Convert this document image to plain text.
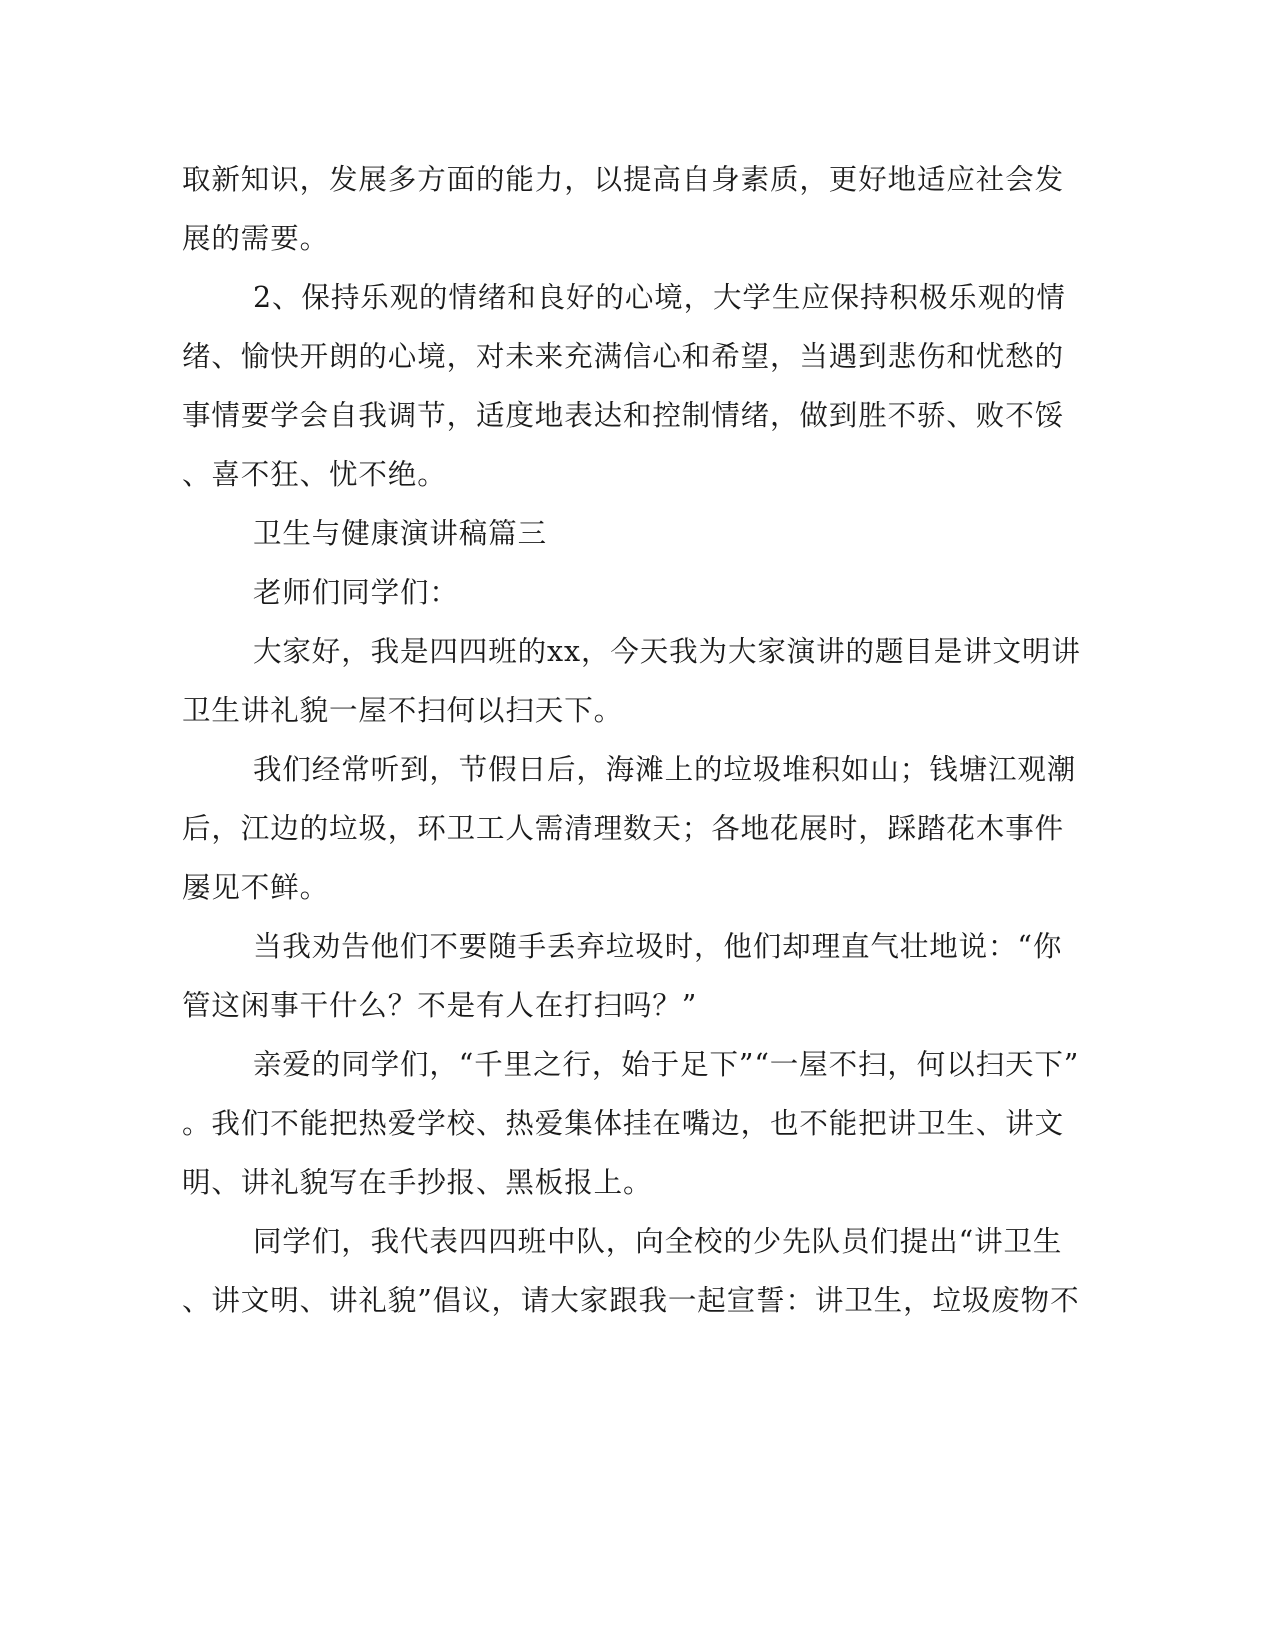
取新知识，发展多方面的能力，以提高自身素质，更好地适应社会发
展的需要。
2、保持乐观的情绪和良好的心境，大学生应保持积极乐观的情
绪、愉快开朗的心境，对未来充满信心和希望，当遇到悲伤和忧愁的
事情要学会自我调节，适度地表达和控制情绪，做到胜不骄、败不馁
、喜不狂、忧不绝。
卫生与健康演讲稿篇三
老师们同学们：
大家好，我是四四班的xx，今天我为大家演讲的题目是讲文明讲
卫生讲礼貌一屋不扫何以扫天下。
我们经常听到，节假日后，海滩上的垃圾堆积如山；钱塘江观潮
后，江边的垃圾，环卫工人需清理数天；各地花展时，踩踏花木事件
屡见不鲜。
当我劝告他们不要随手丢弃垃圾时，他们却理直气壮地说：“你
管这闲事干什么？不是有人在打扫吗？”
亲爱的同学们，“千里之行，始于足下”“一屋不扫，何以扫天下”
。我们不能把热爱学校、热爱集体挂在嘴边，也不能把讲卫生、讲文
明、讲礼貌写在手抄报、黑板报上。
同学们，我代表四四班中队，向全校的少先队员们提出“讲卫生
、讲文明、讲礼貌”倡议，请大家跟我一起宣誓：讲卫生，垃圾废物不
